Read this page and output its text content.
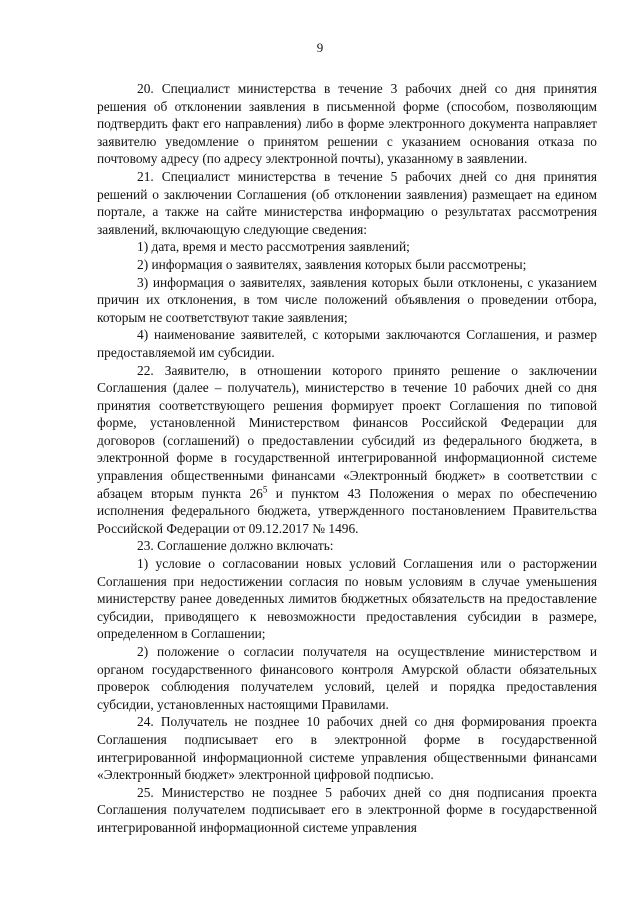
9

20. Специалист министерства в течение 3 рабочих дней со дня принятия решения об отклонении заявления в письменной форме (способом, позволяющим подтвердить факт его направления) либо в форме электронного документа направляет заявителю уведомление о принятом решении с указанием основания отказа по почтовому адресу (по адресу электронной почты), указанному в заявлении.

21. Специалист министерства в течение 5 рабочих дней со дня принятия решений о заключении Соглашения (об отклонении заявления) размещает на едином портале, а также на сайте министерства информацию о результатах рассмотрения заявлений, включающую следующие сведения:

1) дата, время и место рассмотрения заявлений;

2) информация о заявителях, заявления которых были рассмотрены;

3) информация о заявителях, заявления которых были отклонены, с указанием причин их отклонения, в том числе положений объявления о проведении отбора, которым не соответствуют такие заявления;

4) наименование заявителей, с которыми заключаются Соглашения, и размер предоставляемой им субсидии.

22. Заявителю, в отношении которого принято решение о заключении Соглашения (далее – получатель), министерство в течение 10 рабочих дней со дня принятия соответствующего решения формирует проект Соглашения по типовой форме, установленной Министерством финансов Российской Федерации для договоров (соглашений) о предоставлении субсидий из федерального бюджета, в электронной форме в государственной интегрированной информационной системе управления общественными финансами «Электронный бюджет» в соответствии с абзацем вторым пункта $26^5$ и пунктом 43 Положения о мерах по обеспечению исполнения федерального бюджета, утвержденного постановлением Правительства Российской Федерации от 09.12.2017 № 1496.

23. Соглашение должно включать:

1) условие о согласовании новых условий Соглашения или о расторжении Соглашения при недостижении согласия по новым условиям в случае уменьшения министерству ранее доведенных лимитов бюджетных обязательств на предоставление субсидии, приводящего к невозможности предоставления субсидии в размере, определенном в Соглашении;

2) положение о согласии получателя на осуществление министерством и органом государственного финансового контроля Амурской области обязательных проверок соблюдения получателем условий, целей и порядка предоставления субсидии, установленных настоящими Правилами.

24. Получатель не позднее 10 рабочих дней со дня формирования проекта Соглашения подписывает его в электронной форме в государственной интегрированной информационной системе управления общественными финансами «Электронный бюджет» электронной цифровой подписью.

25. Министерство не позднее 5 рабочих дней со дня подписания проекта Соглашения получателем подписывает его в электронной форме в государственной интегрированной информационной системе управления
